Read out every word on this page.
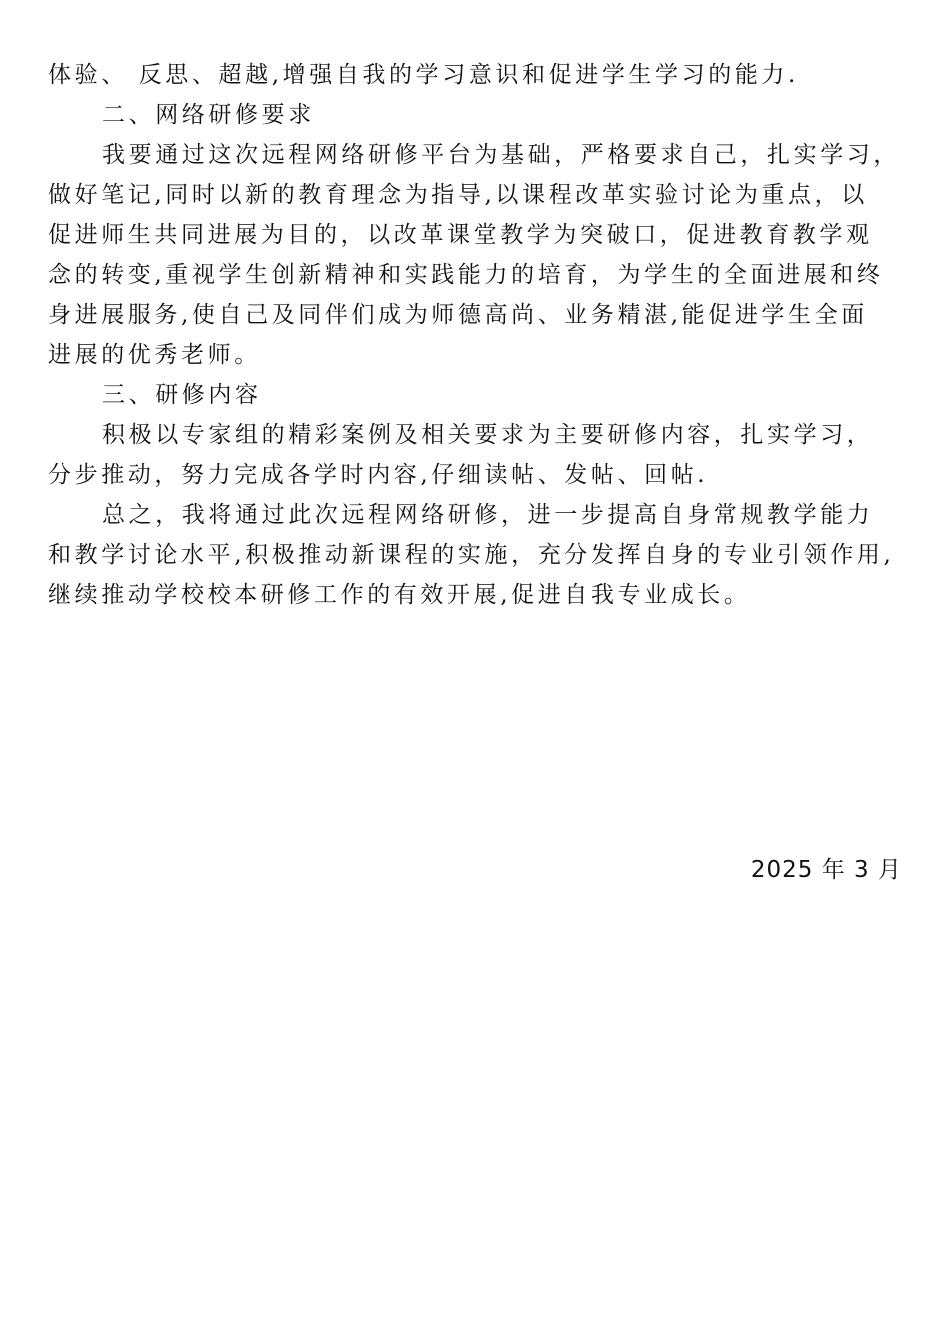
体验、 反思、超越,增强自我的学习意识和促进学生学习的能力.
二、网络研修要求
我要通过这次远程网络研修平台为基础，严格要求自己，扎实学习，
做好笔记,同时以新的教育理念为指导,以课程改革实验讨论为重点，以
促进师生共同进展为目的，以改革课堂教学为突破口，促进教育教学观
念的转变,重视学生创新精神和实践能力的培育，为学生的全面进展和终
身进展服务,使自己及同伴们成为师德高尚、业务精湛,能促进学生全面
进展的优秀老师。
三、研修内容
积极以专家组的精彩案例及相关要求为主要研修内容，扎实学习，
分步推动，努力完成各学时内容,仔细读帖、发帖、回帖.
总之，我将通过此次远程网络研修，进一步提高自身常规教学能力
和教学讨论水平,积极推动新课程的实施，充分发挥自身的专业引领作用,
继续推动学校校本研修工作的有效开展,促进自我专业成长。
2025 年 3 月
